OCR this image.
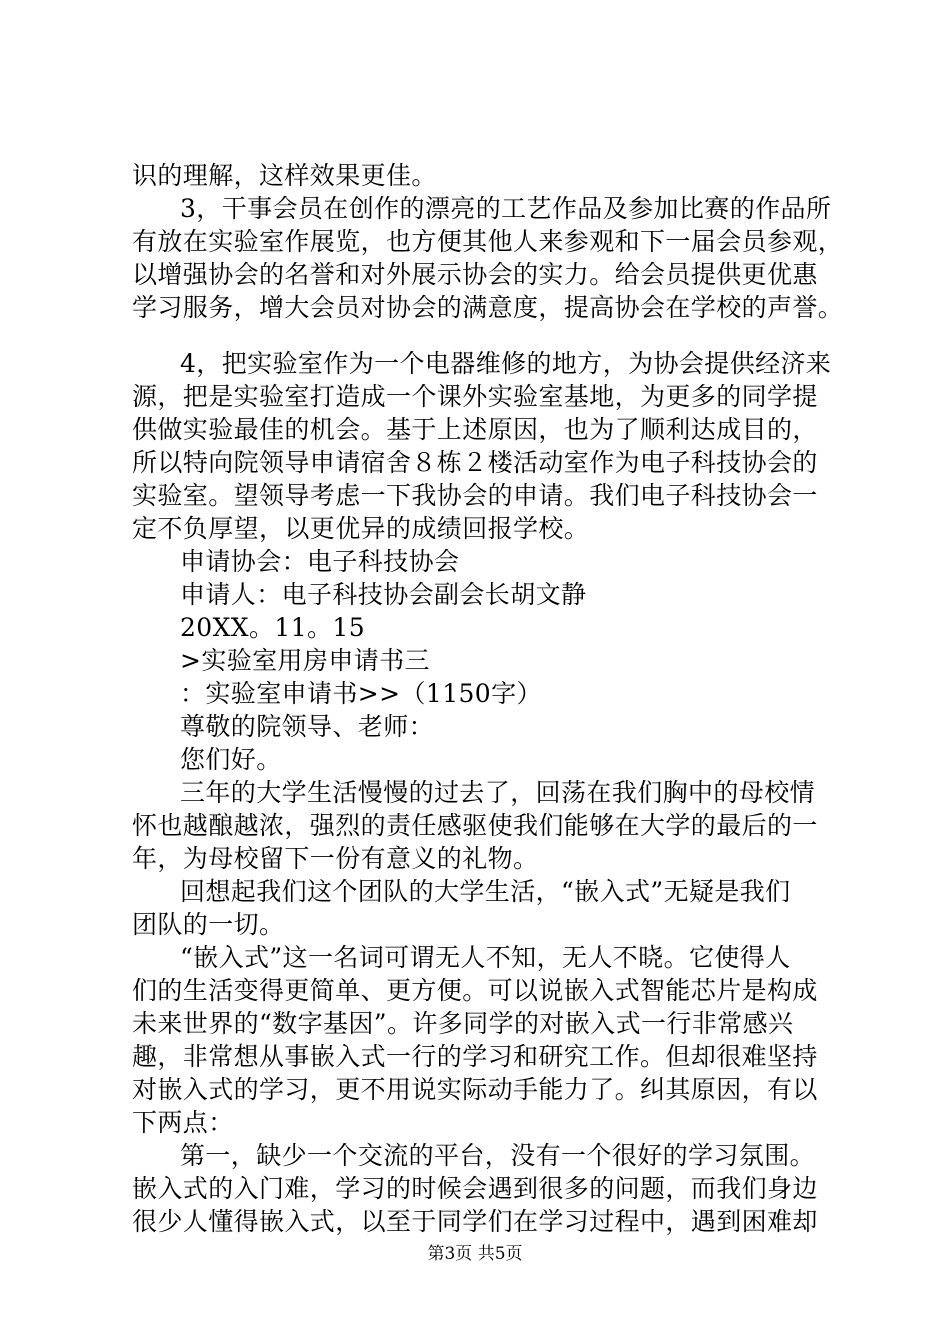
识的理解，这样效果更佳。
3，干事会员在创作的漂亮的工艺作品及参加比赛的作品所
有放在实验室作展览，也方便其他人来参观和下一届会员参观，
以增强协会的名誉和对外展示协会的实力。给会员提供更优惠
学习服务，增大会员对协会的满意度，提高协会在学校的声誉。
4，把实验室作为一个电器维修的地方，为协会提供经济来
源，把是实验室打造成一个课外实验室基地，为更多的同学提
供做实验最佳的机会。基于上述原因，也为了顺利达成目的，
所以特向院领导申请宿舍８栋２楼活动室作为电子科技协会的
实验室。望领导考虑一下我协会的申请。我们电子科技协会一
定不负厚望，以更优异的成绩回报学校。
申请协会：电子科技协会
申请人：电子科技协会副会长胡文静
20XX。11。15
>实验室用房申请书三
：实验室申请书>>（1150字）
尊敬的院领导、老师：
您们好。
三年的大学生活慢慢的过去了，回荡在我们胸中的母校情
怀也越酿越浓，强烈的责任感驱使我们能够在大学的最后的一
年，为母校留下一份有意义的礼物。
回想起我们这个团队的大学生活，“嵌入式”无疑是我们
团队的一切。
“嵌入式”这一名词可谓无人不知，无人不晓。它使得人
们的生活变得更简单、更方便。可以说嵌入式智能芯片是构成
未来世界的“数字基因”。许多同学的对嵌入式一行非常感兴
趣，非常想从事嵌入式一行的学习和研究工作。但却很难坚持
对嵌入式的学习，更不用说实际动手能力了。纠其原因，有以
下两点：
第一，缺少一个交流的平台，没有一个很好的学习氛围。
嵌入式的入门难，学习的时候会遇到很多的问题，而我们身边
第3页 共5页
很少人懂得嵌入式，以至于同学们在学习过程中，遇到困难却
